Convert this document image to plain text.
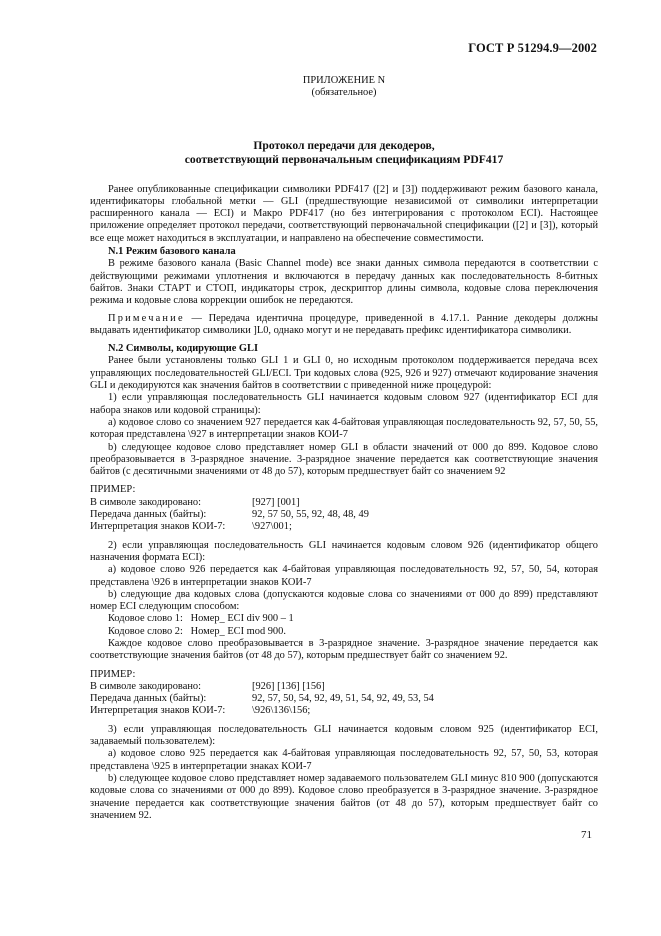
ГОСТ Р 51294.9—2002

ПРИЛОЖЕНИЕ N

(обязательное)

Протокол передачи для декодеров,
соответствующий первоначальным спецификациям PDF417

Ранее опубликованные спецификации символики PDF417 ([2] и [3]) поддерживают режим базового канала, идентификаторы глобальной метки — GLI (предшествующие независимой от символики интерпретации расширенного канала — ECI) и Макро PDF417 (но без интегрирования с протоколом ECI). Настоящее приложение определяет протокол передачи, соответствующий первоначальной спецификации ([2] и [3]), который все еще может находиться в эксплуатации, и направлено на обеспечение совместимости.

N.1 Режим базового канала

В режиме базового канала (Basic Channel mode) все знаки данных символа передаются в соответствии с действующими режимами уплотнения и включаются в передачу данных как последовательность 8-битных байтов. Знаки СТАРТ и СТОП, индикаторы строк, дескриптор длины символа, кодовые слова переключения режима и кодовые слова коррекции ошибок не передаются.

Примечание — Передача идентична процедуре, приведенной в 4.17.1. Ранние декодеры должны выдавать идентификатор символики ]L0, однако могут и не передавать префикс идентификатора символики.

N.2 Символы, кодирующие GLI

Ранее были установлены только GLI 1 и GLI 0, но исходным протоколом поддерживается передача всех управляющих последовательностей GLI/ECI. Три кодовых слова (925, 926 и 927) отмечают кодирование значения GLI и декодируются как значения байтов в соответствии с приведенной ниже процедурой:

1) если управляющая последовательность GLI начинается кодовым словом 927 (идентификатор ECI для набора знаков или кодовой страницы):

a) кодовое слово со значением 927 передается как 4-байтовая управляющая последовательность 92, 57, 50, 55, которая представлена \927 в интерпретации знаков КОИ-7

b) следующее кодовое слово представляет номер GLI в области значений от 000 до 899. Кодовое слово преобразовывается в 3-разрядное значение. 3-разрядное значение передается как соответствующие значения байтов (с десятичными значениями от 48 до 57), которым предшествует байт со значением 92

ПРИМЕР:
В символе закодировано:	[927] [001]
Передача данных (байты):	92, 57 50, 55, 92, 48, 48, 49
Интерпретация знаков КОИ-7:	\927\001;

2) если управляющая последовательность GLI начинается кодовым словом 926 (идентификатор общего назначения формата ECI):

a) кодовое слово 926 передается как 4-байтовая управляющая последовательность 92, 57, 50, 54, которая представлена \926 в интерпретации знаков КОИ-7

b) следующие два кодовых слова (допускаются кодовые слова со значениями от 000 до 899) представляют номер ECI следующим способом:

Кодовое слово 1:   Номер_ ECI div 900 – 1

Кодовое слово 2:   Номер_ ECI mod 900.

Каждое кодовое слово преобразовывается в 3-разрядное значение. 3-разрядное значение передается как соответствующие значения байтов (от 48 до 57), которым предшествует байт со значением 92.

ПРИМЕР:
В символе закодировано:	[926] [136] [156]
Передача данных (байты):	92, 57, 50, 54, 92, 49, 51, 54, 92, 49, 53, 54
Интерпретация знаков КОИ-7:	\926\136\156;

3) если управляющая последовательность GLI начинается кодовым словом 925 (идентификатор ECI, задаваемый пользователем):

a) кодовое слово 925 передается как 4-байтовая управляющая последовательность 92, 57, 50, 53, которая представлена \925 в интерпретации знаках КОИ-7

b) следующее кодовое слово представляет номер задаваемого пользователем GLI минус 810 900 (допускаются кодовые слова со значениями от 000 до 899). Кодовое слово преобразуется в 3-разрядное значение. 3-разрядное значение передается как соответствующие значения байтов (от 48 до 57), которым предшествует байт со значением 92.

71
